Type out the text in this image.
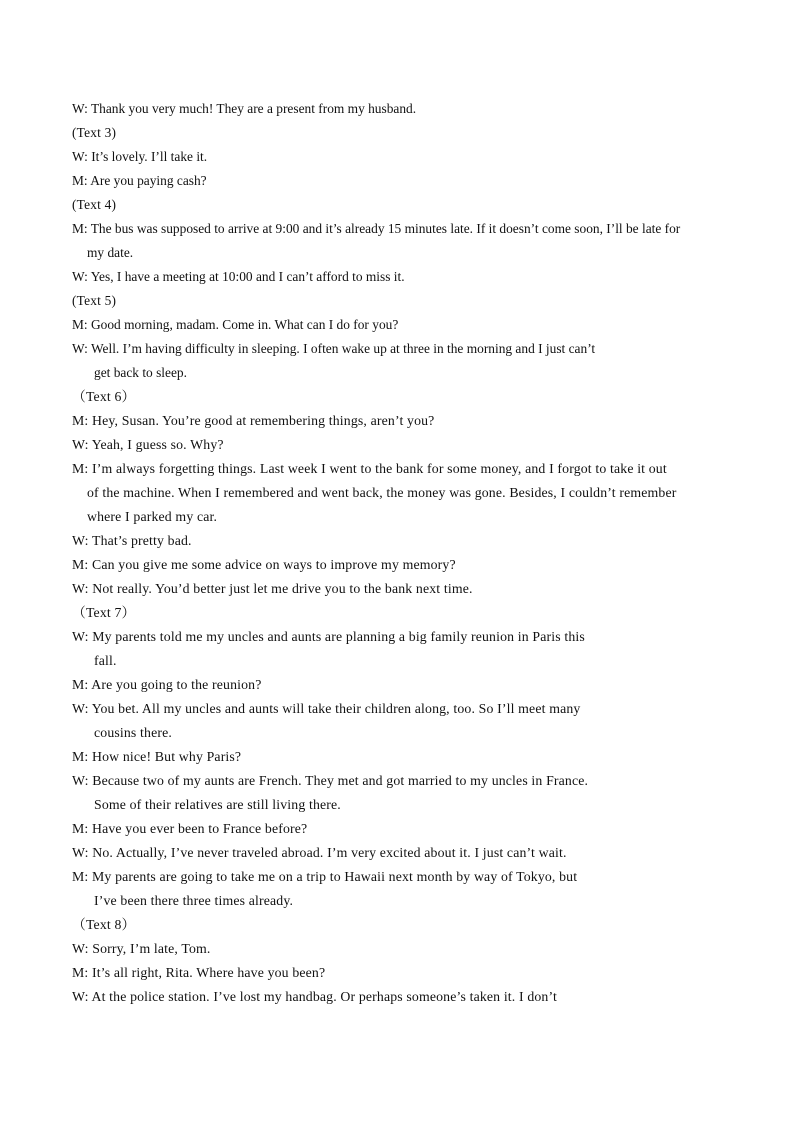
W: Thank you very much! They are a present from my husband.
(Text 3)
W: It’s lovely. I’ll take it.
M: Are you paying cash?
(Text 4)
M: The bus was supposed to arrive at 9:00 and it’s already 15 minutes late. If it doesn’t come soon, I’ll be late for
my date.
W: Yes, I have a meeting at 10:00 and I can’t afford to miss it.
(Text 5)
M: Good morning, madam. Come in. What can I do for you?
W: Well. I’m having difficulty in sleeping. I often wake up at three in the morning and I just can’t
get back to sleep.
（Text 6）
M: Hey, Susan. You’re good at remembering things, aren’t you?
W: Yeah, I guess so. Why?
M: I’m always forgetting things. Last week I went to the bank for some money, and I forgot to take it out
of the machine. When I remembered and went back, the money was gone. Besides, I couldn’t remember
where I parked my car.
W: That’s pretty bad.
M: Can you give me some advice on ways to improve my memory?
W: Not really. You’d better just let me drive you to the bank next time.
（Text 7）
W: My parents told me my uncles and aunts are planning a big family reunion in Paris this
fall.
M: Are you going to the reunion?
W: You bet. All my uncles and aunts will take their children along, too. So I’ll meet many
cousins there.
M: How nice! But why Paris?
W: Because two of my aunts are French. They met and got married to my uncles in France.
Some of their relatives are still living there.
M: Have you ever been to France before?
W: No. Actually, I’ve never traveled abroad. I’m very excited about it. I just can’t wait.
M: My parents are going to take me on a trip to Hawaii next month by way of Tokyo, but
I’ve been there three times already.
（Text 8）
W: Sorry, I’m late, Tom.
M: It’s all right, Rita. Where have you been?
W: At the police station. I’ve lost my handbag. Or perhaps someone’s taken it. I don’t
